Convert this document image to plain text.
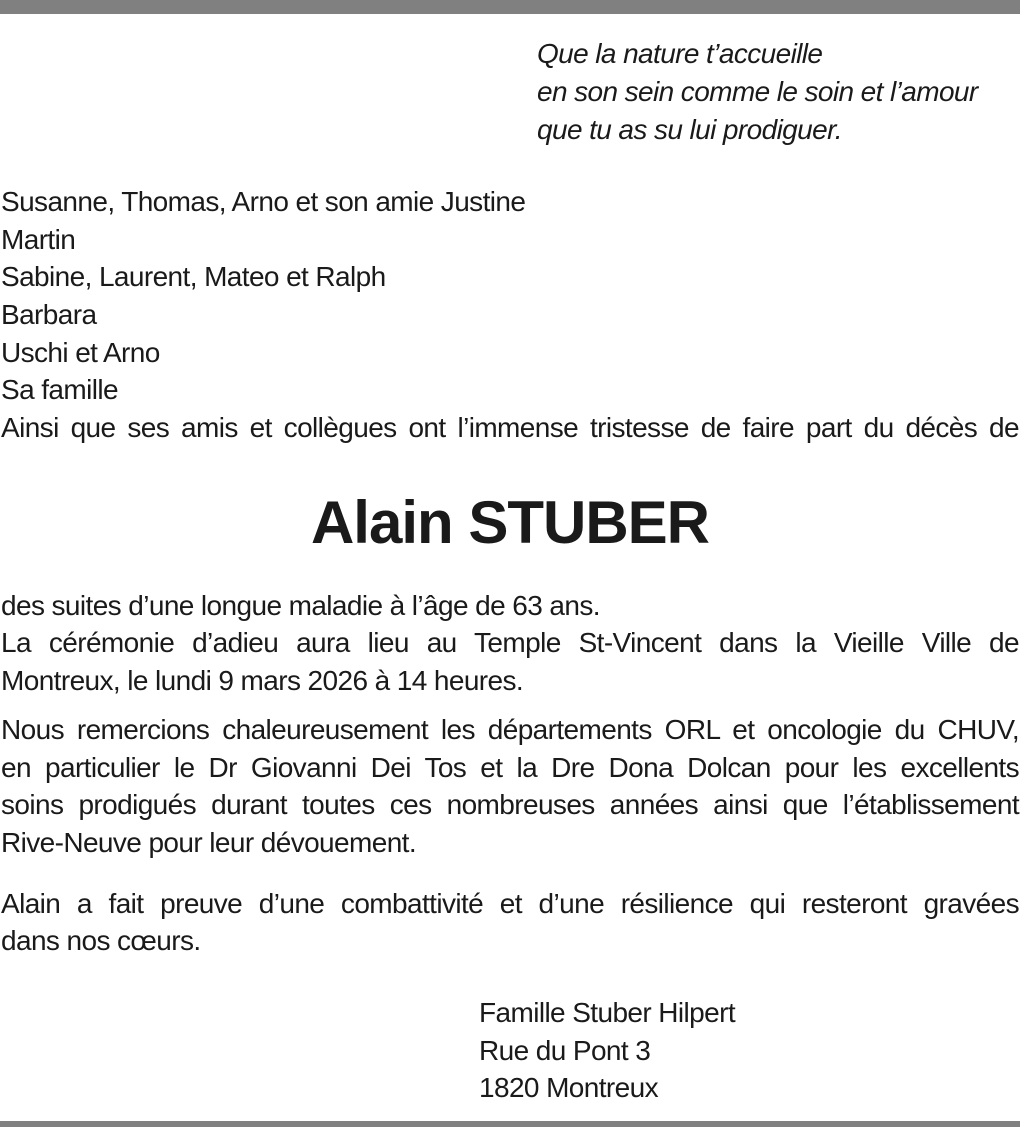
Que la nature t’accueille
en son sein comme le soin et l’amour
que tu as su lui prodiguer.
Susanne, Thomas, Arno et son amie Justine
Martin
Sabine, Laurent, Mateo et Ralph
Barbara
Uschi et Arno
Sa famille
Ainsi que ses amis et collègues ont l’immense tristesse de faire part du décès de
Alain STUBER
des suites d’une longue maladie à l’âge de 63 ans.
La cérémonie d’adieu aura lieu au Temple St-Vincent dans la Vieille Ville de
Montreux, le lundi 9 mars 2026 à 14 heures.
Nous remercions chaleureusement les départements ORL et oncologie du CHUV,
en particulier le Dr Giovanni Dei Tos et la Dre Dona Dolcan pour les excellents
soins prodigués durant toutes ces nombreuses années ainsi que l’établissement
Rive-Neuve pour leur dévouement.
Alain a fait preuve d’une combattivité et d’une résilience qui resteront gravées
dans nos cœurs.
Famille Stuber Hilpert
Rue du Pont 3
1820 Montreux
